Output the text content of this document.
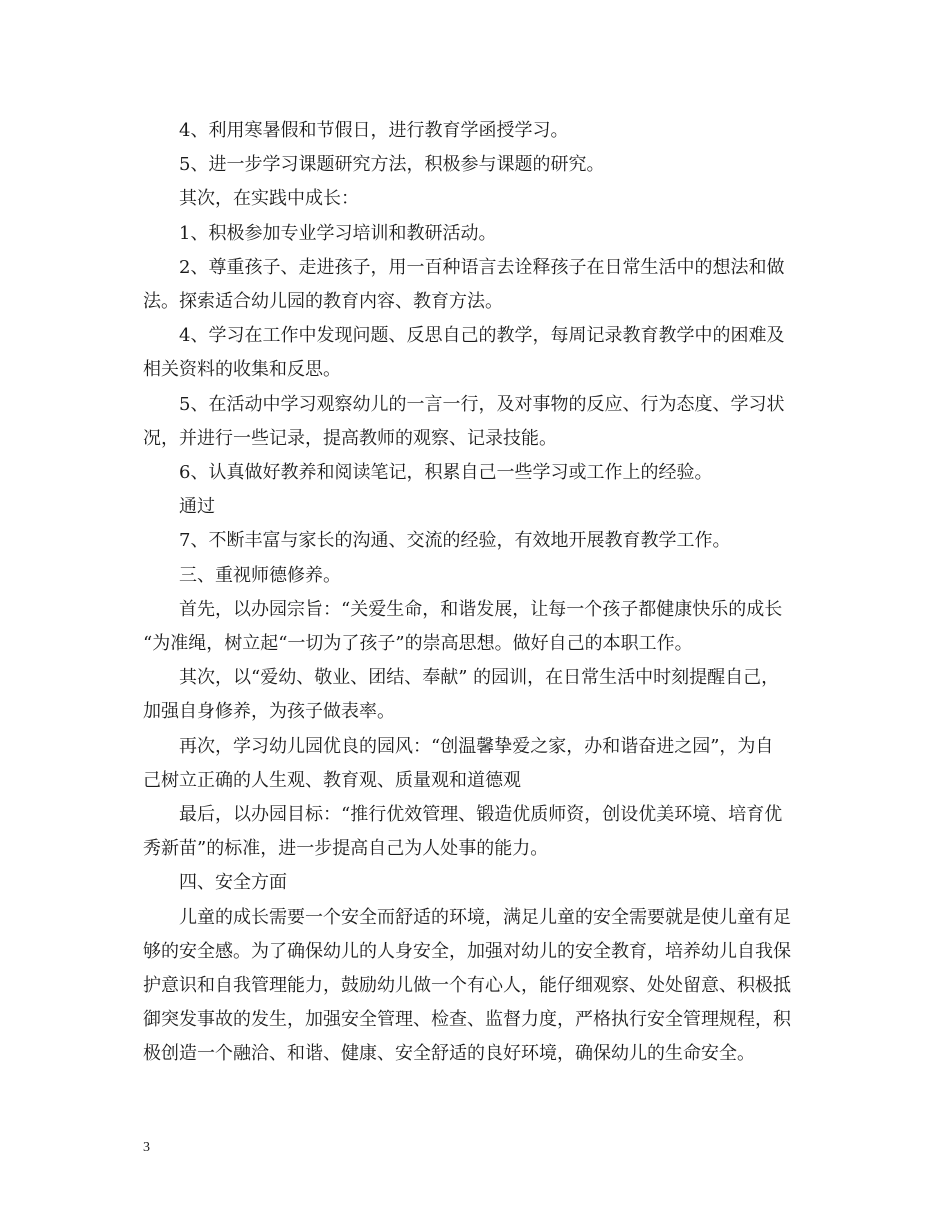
4、利用寒暑假和节假日，进行教育学函授学习。

5、进一步学习课题研究方法，积极参与课题的研究。

其次，在实践中成长：

1、积极参加专业学习培训和教研活动。

2、尊重孩子、走进孩子，用一百种语言去诠释孩子在日常生活中的想法和做

法。探索适合幼儿园的教育内容、教育方法。

4、学习在工作中发现问题、反思自己的教学，每周记录教育教学中的困难及

相关资料的收集和反思。

5、在活动中学习观察幼儿的一言一行，及对事物的反应、行为态度、学习状

况，并进行一些记录，提高教师的观察、记录技能。

6、认真做好教养和阅读笔记，积累自己一些学习或工作上的经验。

通过

7、不断丰富与家长的沟通、交流的经验，有效地开展教育教学工作。

三、重视师德修养。

首先，以办园宗旨：“关爱生命，和谐发展，让每一个孩子都健康快乐的成长

“为准绳，树立起“一切为了孩子”的崇高思想。做好自己的本职工作。

其次，以“爱幼、敬业、团结、奉献” 的园训，在日常生活中时刻提醒自己，

加强自身修养，为孩子做表率。

再次，学习幼儿园优良的园风：“创温馨挚爱之家，办和谐奋进之园”，为自

己树立正确的人生观、教育观、质量观和道德观

最后，以办园目标：“推行优效管理、锻造优质师资，创设优美环境、培育优

秀新苗”的标准，进一步提高自己为人处事的能力。

四、安全方面

儿童的成长需要一个安全而舒适的环境，满足儿童的安全需要就是使儿童有足

够的安全感。为了确保幼儿的人身安全，加强对幼儿的安全教育，培养幼儿自我保

护意识和自我管理能力，鼓励幼儿做一个有心人，能仔细观察、处处留意、积极抵

御突发事故的发生，加强安全管理、检查、监督力度，严格执行安全管理规程，积

极创造一个融洽、和谐、健康、安全舒适的良好环境，确保幼儿的生命安全。

3
